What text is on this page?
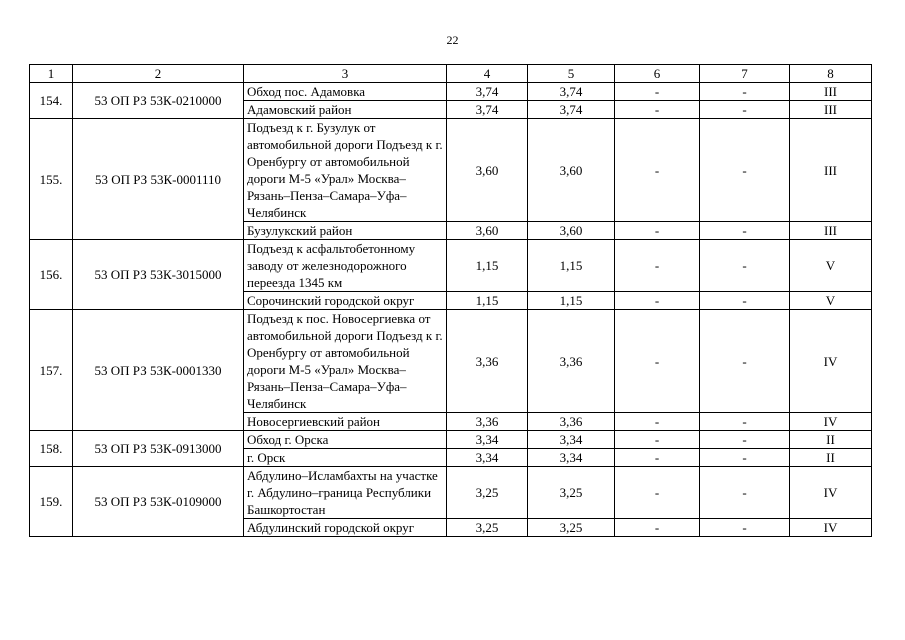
22
1	2	3	4	5	6	7	8
154.	53 ОП РЗ 53К-0210000	Обход пос. Адамовка	3,74	3,74	-	-	III
		Адамовский район	3,74	3,74	-	-	III
155.	53 ОП РЗ 53К-0001110	Подъезд к г. Бузулук от автомобильной дороги Подъезд к г. Оренбургу от автомобильной дороги М-5 «Урал» Москва–Рязань–Пенза–Самара–Уфа–Челябинск	3,60	3,60	-	-	III
		Бузулукский район	3,60	3,60	-	-	III
156.	53 ОП РЗ 53К-3015000	Подъезд к асфальтобетонному заводу от железнодорожного переезда 1345 км	1,15	1,15	-	-	V
		Сорочинский городской округ	1,15	1,15	-	-	V
157.	53 ОП РЗ 53К-0001330	Подъезд к пос. Новосергиевка от автомобильной дороги Подъезд к г. Оренбургу от автомобильной дороги М-5 «Урал» Москва–Рязань–Пенза–Самара–Уфа–Челябинск	3,36	3,36	-	-	IV
		Новосергиевский район	3,36	3,36	-	-	IV
158.	53 ОП РЗ 53К-0913000	Обход г. Орска	3,34	3,34	-	-	II
		г. Орск	3,34	3,34	-	-	II
159.	53 ОП РЗ 53К-0109000	Абдулино–Исламбахты на участке г. Абдулино–граница Республики Башкортостан	3,25	3,25	-	-	IV
		Абдулинский городской округ	3,25	3,25	-	-	IV
